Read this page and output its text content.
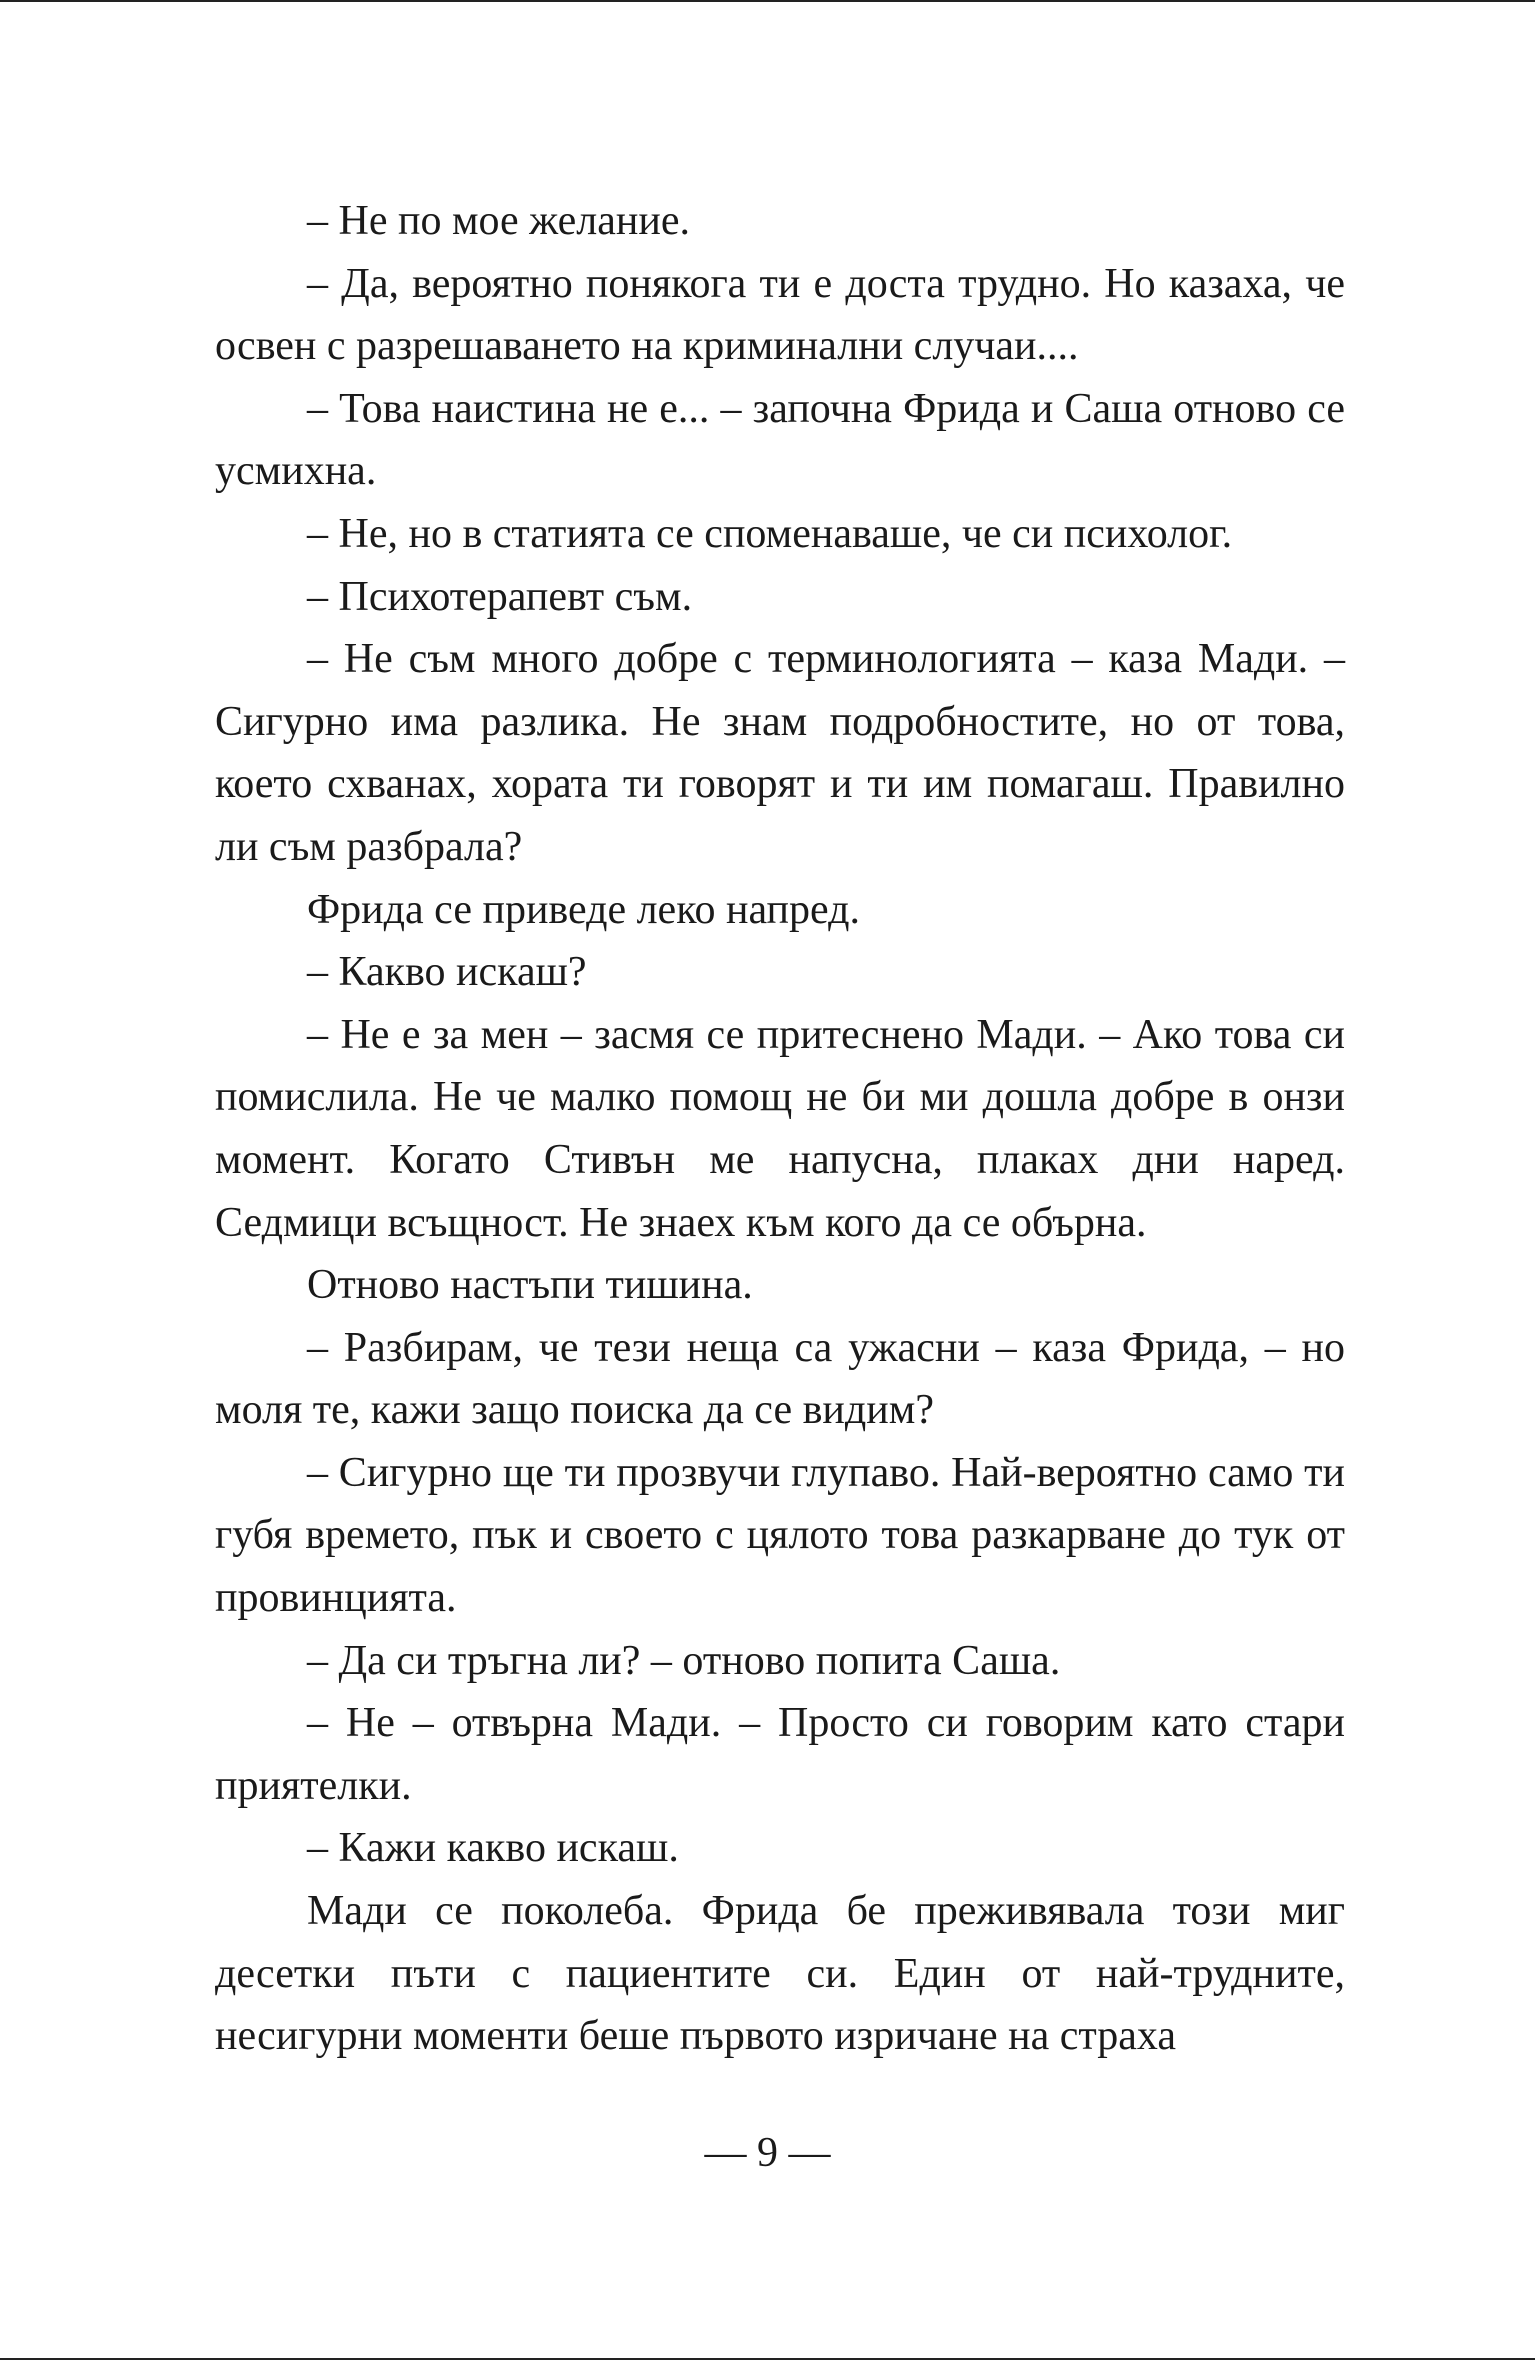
– Не по мое желание.

– Да, вероятно понякога ти е доста трудно. Но казаха, че освен с разрешаването на криминални случаи....

– Това наистина не е... – започна Фрида и Саша отново се усмихна.

– Не, но в статията се споменаваше, че си психолог.

– Психотерапевт съм.

– Не съм много добре с терминологията – каза Мади. – Сигурно има разлика. Не знам подробностите, но от това, което схванах, хората ти говорят и ти им помагаш. Правилно ли съм разбрала?

Фрида се приведе леко напред.

– Какво искаш?

– Не е за мен – засмя се притеснено Мади. – Ако това си помислила. Не че малко помощ не би ми дошла добре в онзи момент. Когато Стивън ме напусна, плаках дни наред. Седмици всъщност. Не знаех към кого да се обърна.

Отново настъпи тишина.

– Разбирам, че тези неща са ужасни – каза Фрида, – но моля те, кажи защо поиска да се видим?

– Сигурно ще ти прозвучи глупаво. Най-вероятно само ти губя времето, пък и своето с цялото това разкарване до тук от провинцията.

– Да си тръгна ли? – отново попита Саша.

– Не – отвърна Мади. – Просто си говорим като стари приятелки.

– Кажи какво искаш.

Мади се поколеба. Фрида бе преживявала този миг десетки пъти с пациентите си. Един от най-трудните, несигурни моменти беше първото изричане на страха

— 9 —
